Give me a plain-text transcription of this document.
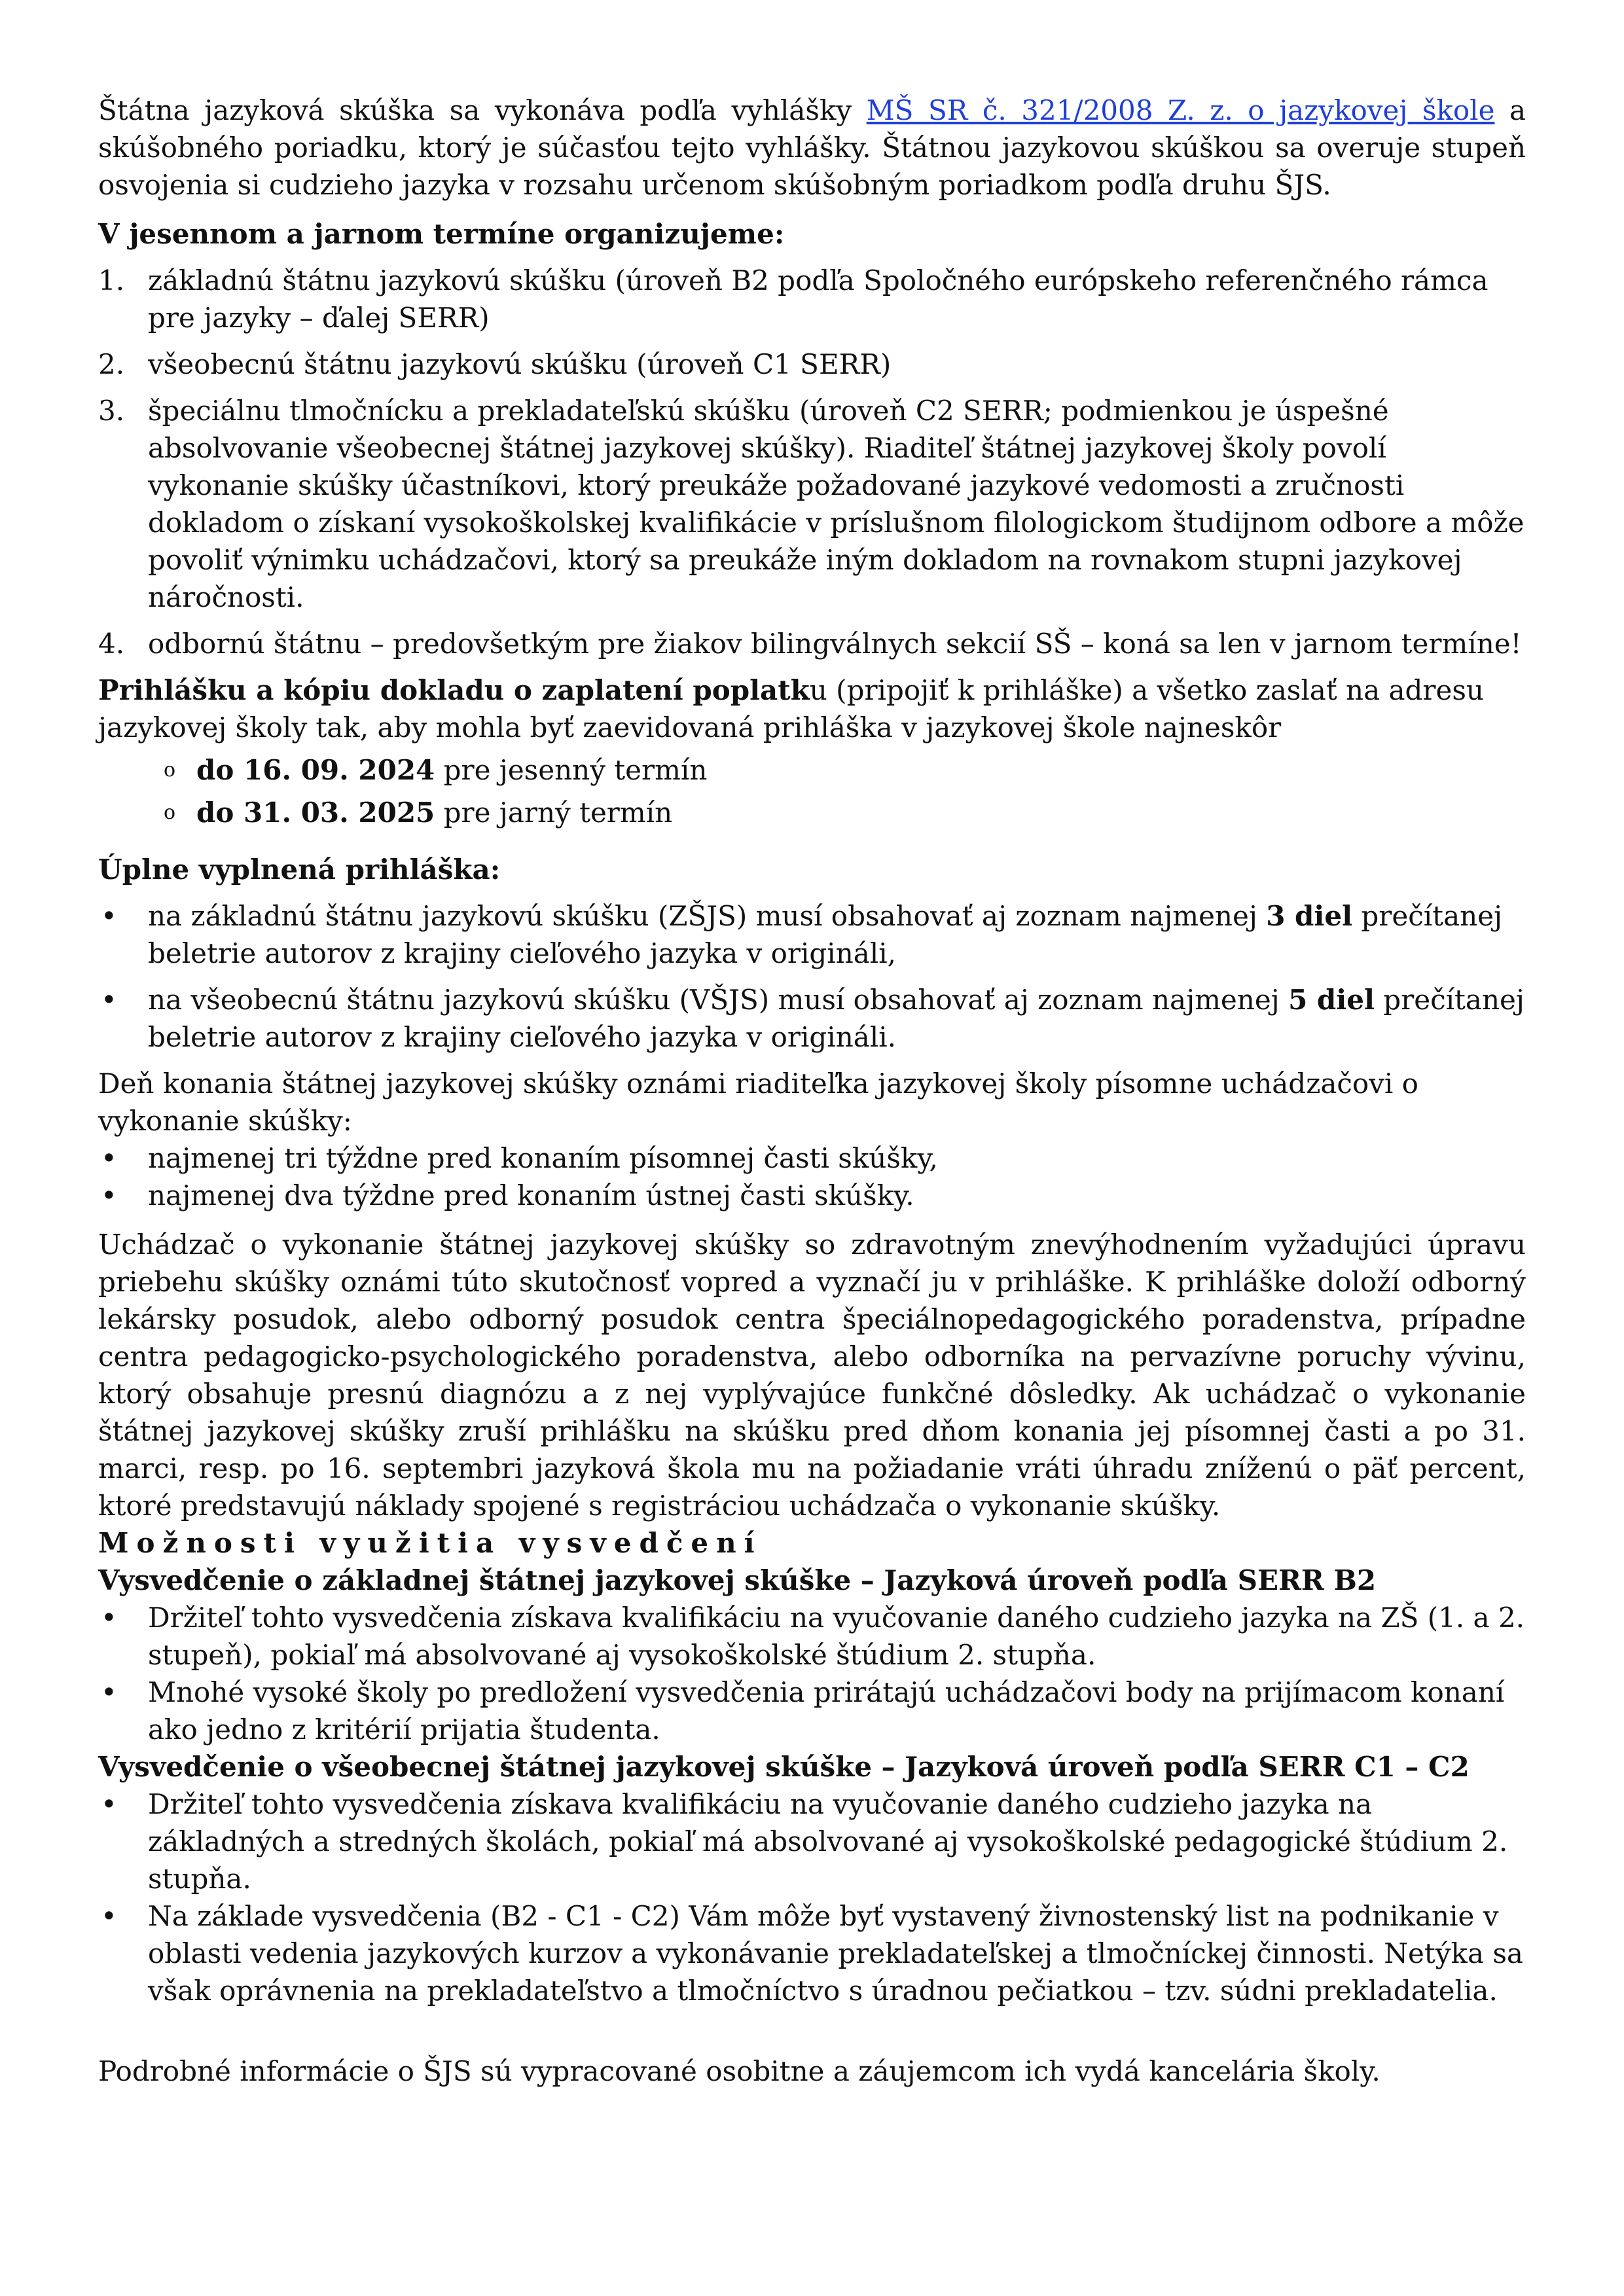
Štátna jazyková skúška sa vykonáva podľa vyhlášky MŠ SR č. 321/2008 Z. z. o jazykovej škole a skúšobného poriadku, ktorý je súčasťou tejto vyhlášky. Štátnou jazykovou skúškou sa overuje stupeň osvojenia si cudzieho jazyka v rozsahu určenom skúšobným poriadkom podľa druhu ŠJS.

V jesennom a jarnom termíne organizujeme:

1. základnú štátnu jazykovú skúšku (úroveň B2 podľa Spoločného európskeho referenčného rámca pre jazyky – ďalej SERR)
2. všeobecnú štátnu jazykovú skúšku (úroveň C1 SERR)
3. špeciálnu tlmočnícku a prekladateľskú skúšku (úroveň C2 SERR; podmienkou je úspešné absolvovanie všeobecnej štátnej jazykovej skúšky). Riaditeľ štátnej jazykovej školy povolí vykonanie skúšky účastníkovi, ktorý preukáže požadované jazykové vedomosti a zručnosti dokladom o získaní vysokoškolskej kvalifikácie v príslušnom filologickom študijnom odbore a môže povoliť výnimku uchádzačovi, ktorý sa preukáže iným dokladom na rovnakom stupni jazykovej náročnosti.
4. odbornú štátnu – predovšetkým pre žiakov bilingválnych sekcií SŠ – koná sa len v jarnom termíne!

Prihlášku a kópiu dokladu o zaplatení poplatku (pripojiť k prihláške) a všetko zaslať na adresu jazykovej školy tak, aby mohla byť zaevidovaná prihláška v jazykovej škole najneskôr

o do 16. 09. 2024 pre jesenný termín
o do 31. 03. 2025 pre jarný termín

Úplne vyplnená prihláška:

• na základnú štátnu jazykovú skúšku (ZŠJS) musí obsahovať aj zoznam najmenej 3 diel prečítanej beletrie autorov z krajiny cieľového jazyka v origináli,
• na všeobecnú štátnu jazykovú skúšku (VŠJS) musí obsahovať aj zoznam najmenej 5 diel prečítanej beletrie autorov z krajiny cieľového jazyka v origináli.

Deň konania štátnej jazykovej skúšky oznámi riaditeľka jazykovej školy písomne uchádzačovi o vykonanie skúšky:

• najmenej tri týždne pred konaním písomnej časti skúšky,
• najmenej dva týždne pred konaním ústnej časti skúšky.

Uchádzač o vykonanie štátnej jazykovej skúšky so zdravotným znevýhodnením vyžadujúci úpravu priebehu skúšky oznámi túto skutočnosť vopred a vyznačí ju v prihláške. K prihláške doloží odborný lekársky posudok, alebo odborný posudok centra špeciálnopedagogického poradenstva, prípadne centra pedagogicko-psychologického poradenstva, alebo odborníka na pervazívne poruchy vývinu, ktorý obsahuje presnú diagnózu a z nej vyplývajúce funkčné dôsledky. Ak uchádzač o vykonanie štátnej jazykovej skúšky zruší prihlášku na skúšku pred dňom konania jej písomnej časti a po 31. marci, resp. po 16. septembri jazyková škola mu na požiadanie vráti úhradu zníženú o päť percent, ktoré predstavujú náklady spojené s registráciou uchádzača o vykonanie skúšky.

Možnosti využitia vysvedčení

Vysvedčenie o základnej štátnej jazykovej skúške – Jazyková úroveň podľa SERR B2

• Držiteľ tohto vysvedčenia získava kvalifikáciu na vyučovanie daného cudzieho jazyka na ZŠ (1. a 2. stupeň), pokiaľ má absolvované aj vysokoškolské štúdium 2. stupňa.
• Mnohé vysoké školy po predložení vysvedčenia prirátajú uchádzačovi body na prijímacom konaní ako jedno z kritérií prijatia študenta.

Vysvedčenie o všeobecnej štátnej jazykovej skúške – Jazyková úroveň podľa SERR C1 – C2

• Držiteľ tohto vysvedčenia získava kvalifikáciu na vyučovanie daného cudzieho jazyka na základných a stredných školách, pokiaľ má absolvované aj vysokoškolské pedagogické štúdium 2. stupňa.
• Na základe vysvedčenia (B2 - C1 - C2) Vám môže byť vystavený živnostenský list na podnikanie v oblasti vedenia jazykových kurzov a vykonávanie prekladateľskej a tlmočníckej činnosti. Netýka sa však oprávnenia na prekladateľstvo a tlmočníctvo s úradnou pečiatkou – tzv. súdni prekladatelia.

Podrobné informácie o ŠJS sú vypracované osobitne a záujemcom ich vydá kancelária školy.
